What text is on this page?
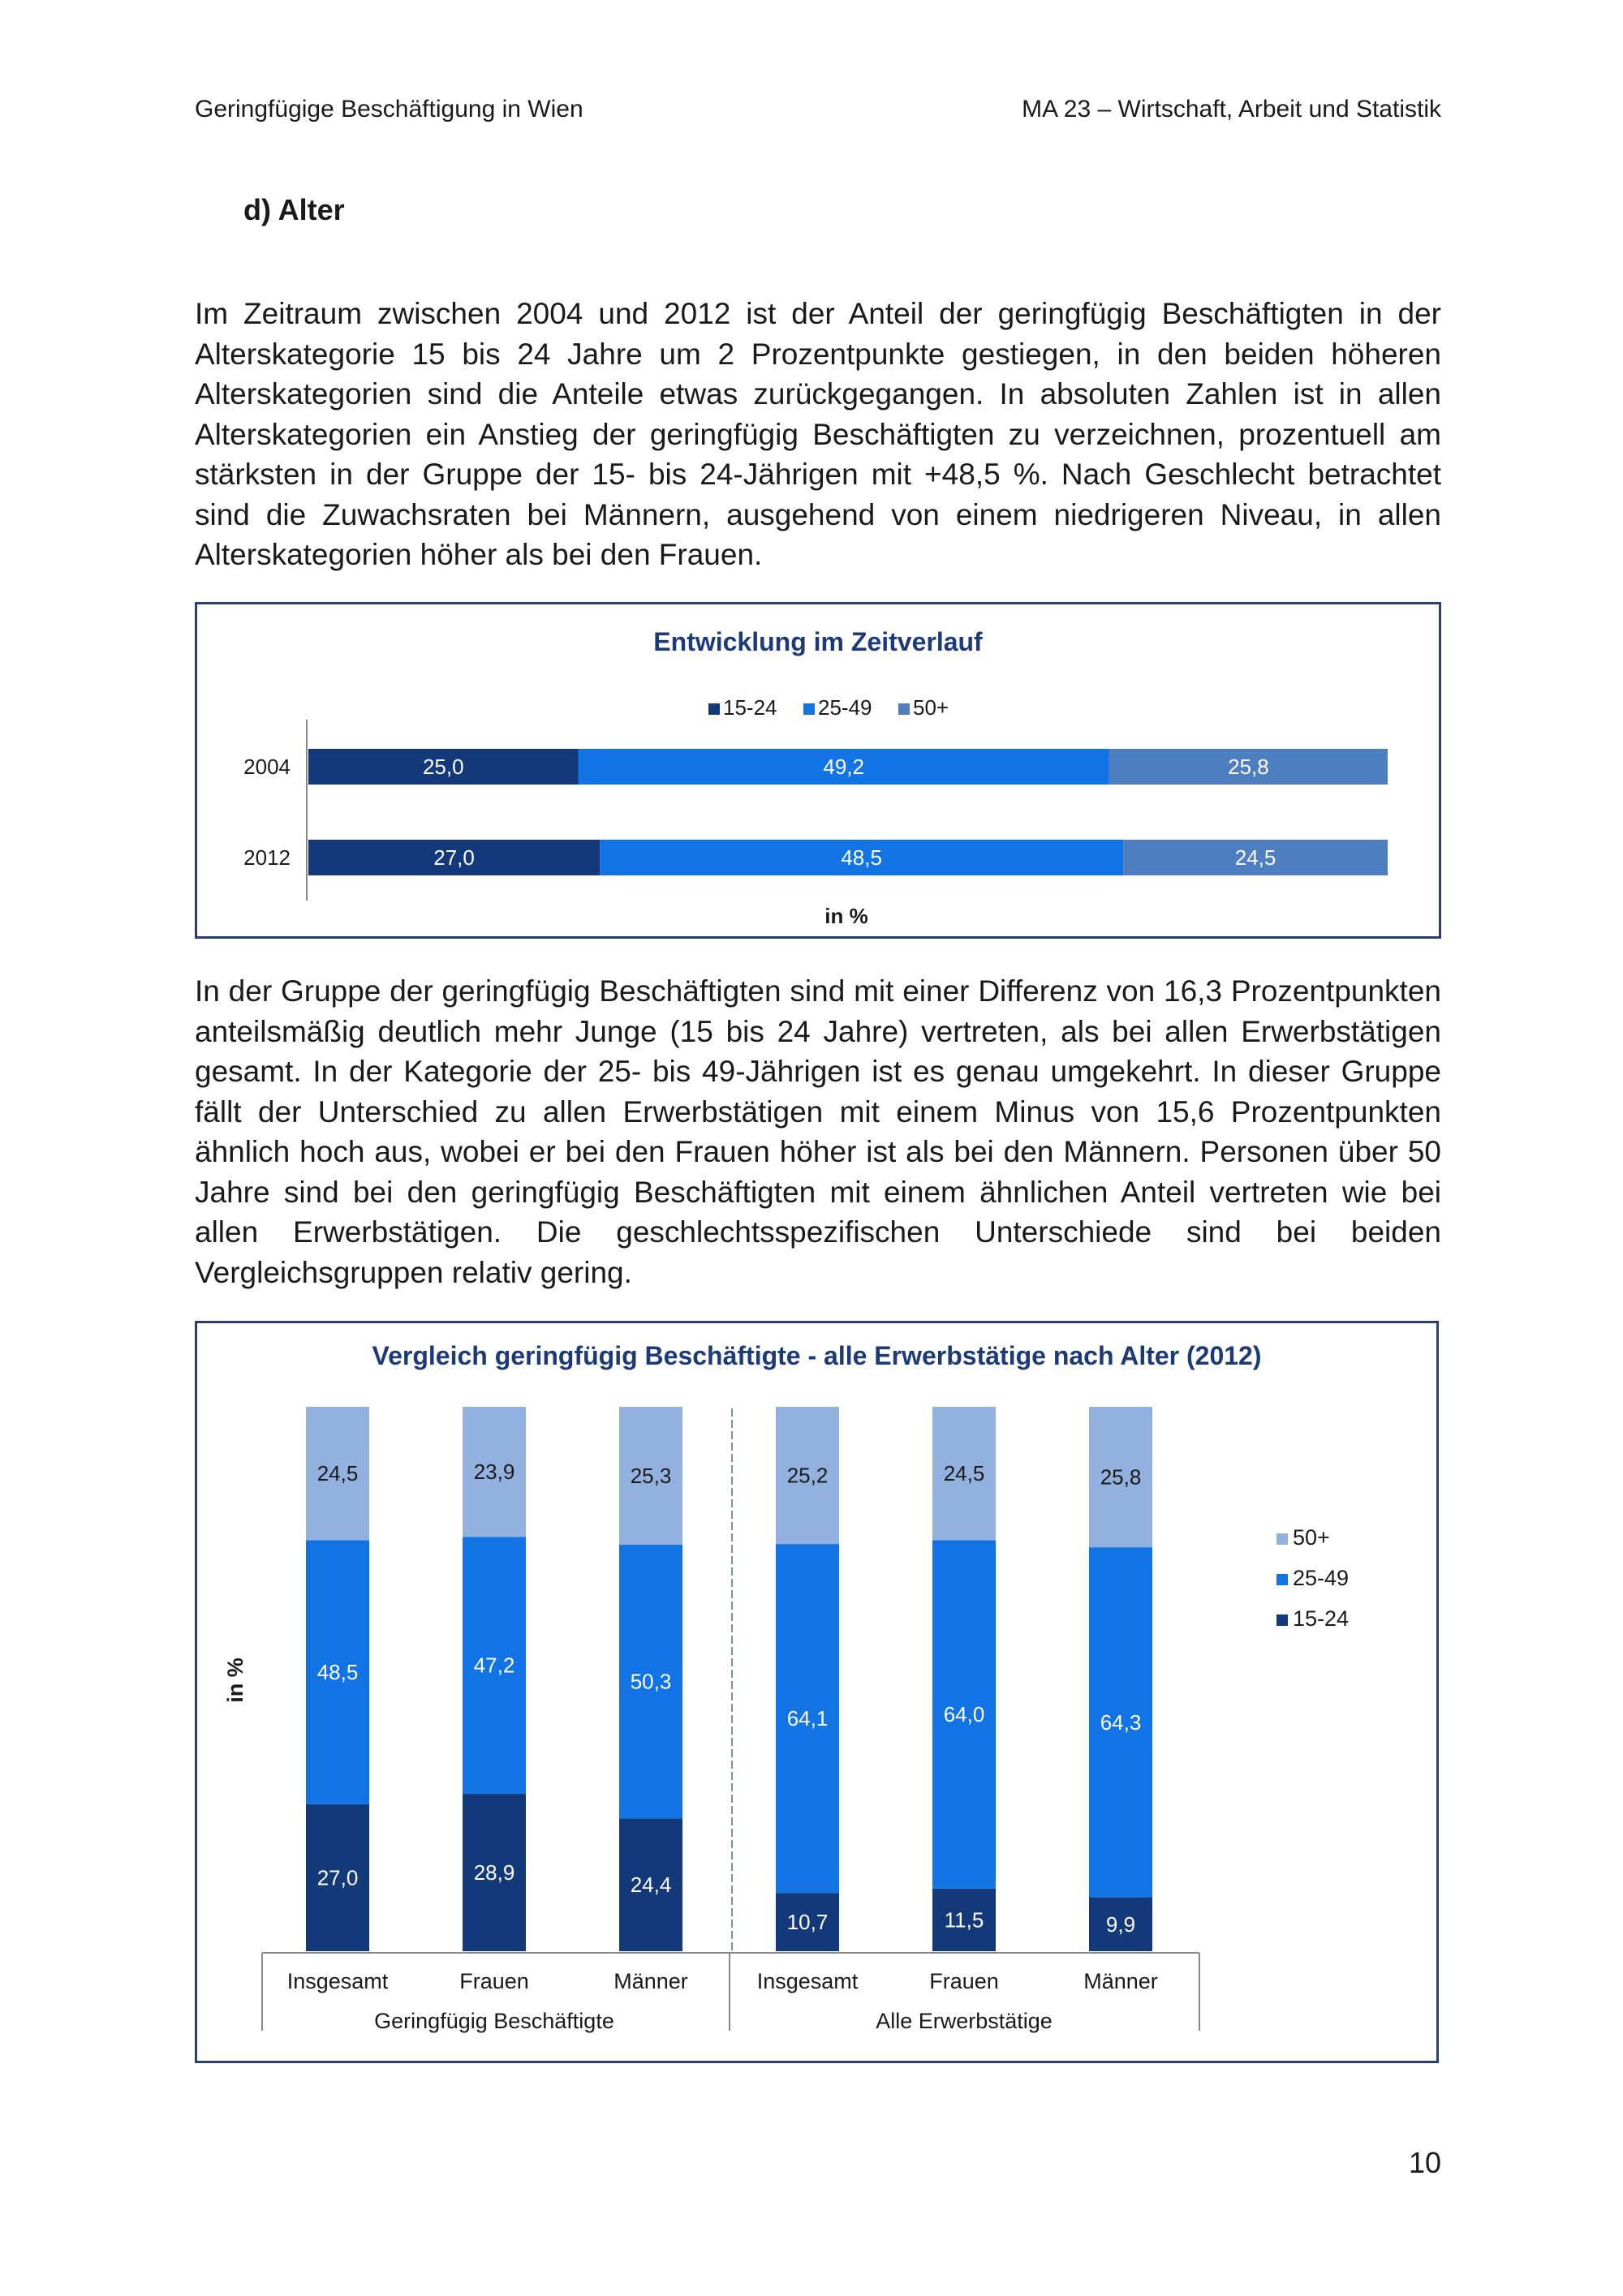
Geringfügige Beschäftigung in Wien	MA 23 – Wirtschaft, Arbeit und Statistik
d) Alter
Im Zeitraum zwischen 2004 und 2012 ist der Anteil der geringfügig Beschäftigten in der Alterskategorie 15 bis 24 Jahre um 2 Prozentpunkte gestiegen, in den beiden höheren Alterskategorien sind die Anteile etwas zurückgegangen. In absoluten Zahlen ist in allen Alterskategorien ein Anstieg der geringfügig Beschäftigten zu verzeichnen, prozentuell am stärksten in der Gruppe der 15- bis 24-Jährigen mit +48,5 %. Nach Geschlecht betrachtet sind die Zuwachsraten bei Männern, ausgehend von einem niedrigeren Niveau, in allen Alterskategorien höher als bei den Frauen.
Entwicklung im Zeitverlauf
15-24 25-49 50+
2004	25,0	49,2	25,8
2012	27,0	48,5	24,5
in %
In der Gruppe der geringfügig Beschäftigten sind mit einer Differenz von 16,3 Prozentpunkten anteilsmäßig deutlich mehr Junge (15 bis 24 Jahre) vertreten, als bei allen Erwerbstätigen gesamt. In der Kategorie der 25- bis 49-Jährigen ist es genau umgekehrt. In dieser Gruppe fällt der Unterschied zu allen Erwerbstätigen mit einem Minus von 15,6 Prozentpunkten ähnlich hoch aus, wobei er bei den Frauen höher ist als bei den Männern. Personen über 50 Jahre sind bei den geringfügig Beschäftigten mit einem ähnlichen Anteil vertreten wie bei allen Erwerbstätigen. Die geschlechtsspezifischen Unterschiede sind bei beiden Vergleichsgruppen relativ gering.
Vergleich geringfügig Beschäftigte - alle Erwerbstätige nach Alter (2012)
27,0
48,5
24,5
28,9
47,2
23,9
24,4
50,3
25,3
10,7
64,1
25,2
11,5
64,0
24,5
9,9
64,3
25,8
Insgesamt	Frauen	Männer	Insgesamt	Frauen	Männer
Geringfügig Beschäftigte	Alle Erwerbstätige
in %
50+
25-49
15-24
10
